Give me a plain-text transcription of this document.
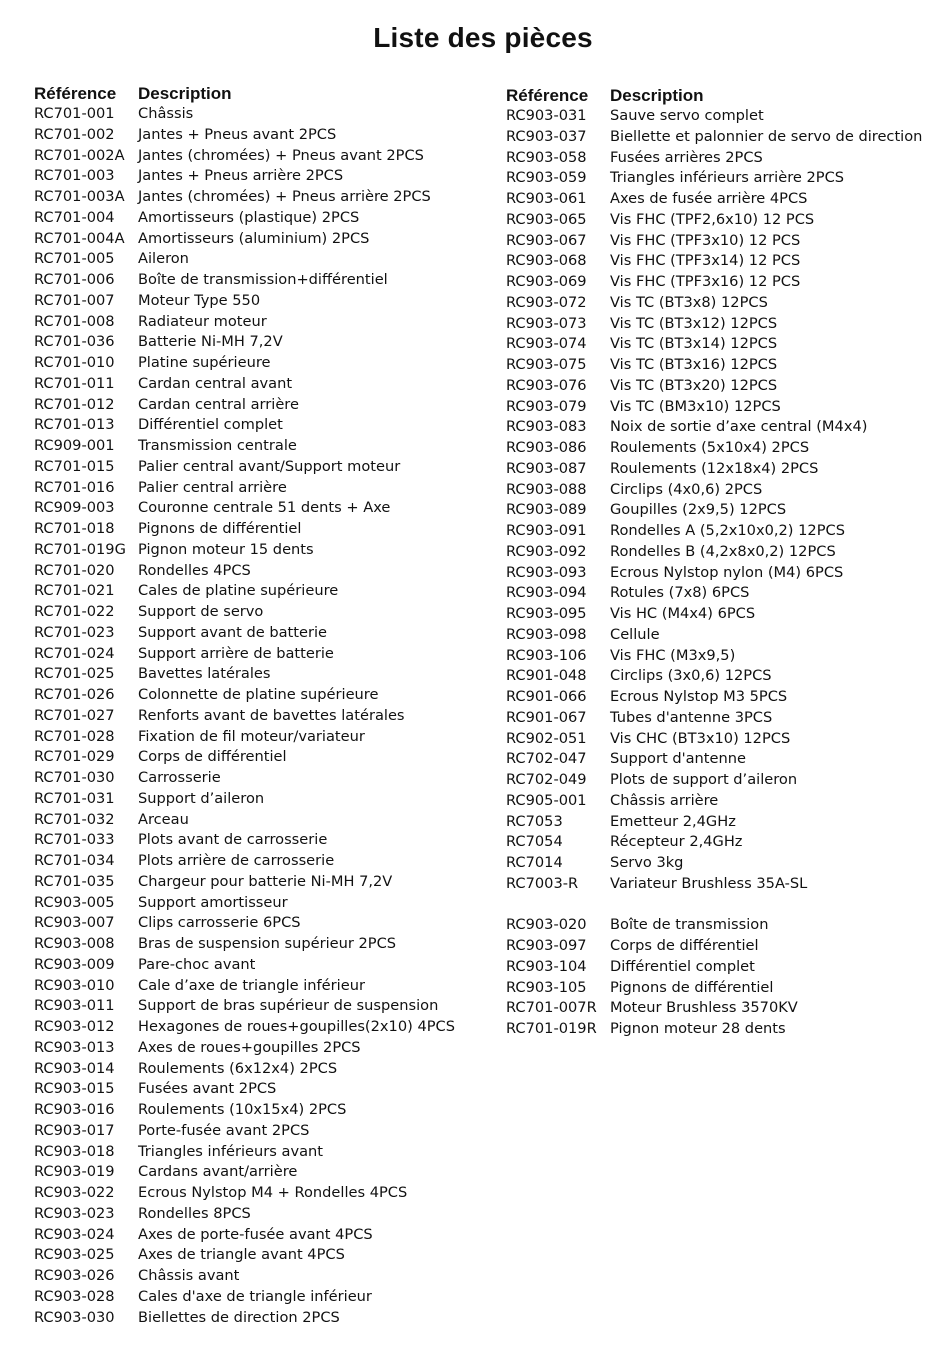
Liste des pièces
Référence	Description
RC701-001	Châssis
RC701-002	Jantes + Pneus avant 2PCS
RC701-002A Jantes (chromées) + Pneus avant 2PCS
RC701-003	Jantes + Pneus arrière 2PCS
RC701-003A Jantes (chromées) + Pneus arrière 2PCS
RC701-004	Amortisseurs (plastique) 2PCS
RC701-004A Amortisseurs (aluminium) 2PCS
RC701-005	Aileron
RC701-006	Boîte de transmission+différentiel
RC701-007	Moteur Type 550
RC701-008	Radiateur moteur
RC701-036	Batterie Ni-MH 7,2V
RC701-010	Platine supérieure
RC701-011	Cardan central avant
RC701-012	Cardan central arrière
RC701-013	Différentiel complet
RC909-001	Transmission centrale
RC701-015	Palier central avant/Support moteur
RC701-016	Palier central arrière
RC909-003	Couronne centrale 51 dents + Axe
RC701-018	Pignons de différentiel
RC701-019G Pignon moteur 15 dents
RC701-020	Rondelles 4PCS
RC701-021	Cales de platine supérieure
RC701-022	Support de servo
RC701-023	Support avant de batterie
RC701-024	Support arrière de batterie
RC701-025	Bavettes latérales
RC701-026	Colonnette de platine supérieure
RC701-027	Renforts avant de bavettes latérales
RC701-028	Fixation de fil moteur/variateur
RC701-029	Corps de différentiel
RC701-030	Carrosserie
RC701-031	Support d’aileron
RC701-032	Arceau
RC701-033	Plots avant de carrosserie
RC701-034	Plots arrière de carrosserie
RC701-035	Chargeur pour batterie Ni-MH 7,2V
RC903-005	Support amortisseur
RC903-007	Clips carrosserie 6PCS
RC903-008	Bras de suspension supérieur 2PCS
RC903-009	Pare-choc avant
RC903-010	Cale d’axe de triangle inférieur
RC903-011	Support de bras supérieur de suspension
RC903-012	Hexagones de roues+goupilles(2x10) 4PCS
RC903-013	Axes de roues+goupilles 2PCS
RC903-014	Roulements (6x12x4) 2PCS
RC903-015	Fusées avant 2PCS
RC903-016	Roulements (10x15x4) 2PCS
RC903-017	Porte-fusée avant 2PCS
RC903-018	Triangles inférieurs avant
RC903-019	Cardans avant/arrière
RC903-022	Ecrous Nylstop M4 + Rondelles 4PCS
RC903-023	Rondelles 8PCS
RC903-024	Axes de porte-fusée avant 4PCS
RC903-025	Axes de triangle avant 4PCS
RC903-026	Châssis avant
RC903-028	Cales d'axe de triangle inférieur
RC903-030	Biellettes de direction 2PCS
Référence	Description
RC903-031	Sauve servo complet
RC903-037	Biellette et palonnier de servo de direction
RC903-058	Fusées arrières 2PCS
RC903-059	Triangles inférieurs arrière 2PCS
RC903-061	Axes de fusée arrière 4PCS
RC903-065	Vis FHC (TPF2,6x10) 12 PCS
RC903-067	Vis FHC (TPF3x10) 12 PCS
RC903-068	Vis FHC (TPF3x14) 12 PCS
RC903-069	Vis FHC (TPF3x16) 12 PCS
RC903-072	Vis TC (BT3x8) 12PCS
RC903-073	Vis TC (BT3x12) 12PCS
RC903-074	Vis TC (BT3x14) 12PCS
RC903-075	Vis TC (BT3x16) 12PCS
RC903-076	Vis TC (BT3x20) 12PCS
RC903-079	Vis TC (BM3x10) 12PCS
RC903-083	Noix de sortie d’axe central (M4x4)
RC903-086	Roulements (5x10x4) 2PCS
RC903-087	Roulements (12x18x4) 2PCS
RC903-088	Circlips (4x0,6) 2PCS
RC903-089	Goupilles (2x9,5) 12PCS
RC903-091	Rondelles A (5,2x10x0,2) 12PCS
RC903-092	Rondelles B (4,2x8x0,2) 12PCS
RC903-093	Ecrous Nylstop nylon (M4) 6PCS
RC903-094	Rotules (7x8) 6PCS
RC903-095	Vis HC (M4x4) 6PCS
RC903-098	Cellule
RC903-106	Vis FHC (M3x9,5)
RC901-048	Circlips (3x0,6) 12PCS
RC901-066	Ecrous Nylstop M3 5PCS
RC901-067	Tubes d'antenne 3PCS
RC902-051	Vis CHC (BT3x10) 12PCS
RC702-047	Support d'antenne
RC702-049	Plots de support d’aileron
RC905-001	Châssis arrière
RC7053	Emetteur 2,4GHz
RC7054	Récepteur 2,4GHz
RC7014	Servo 3kg
RC7003-R	Variateur Brushless 35A-SL
RC903-020	Boîte de transmission
RC903-097	Corps de différentiel
RC903-104	Différentiel complet
RC903-105	Pignons de différentiel
RC701-007R Moteur Brushless 3570KV
RC701-019R Pignon moteur 28 dents
